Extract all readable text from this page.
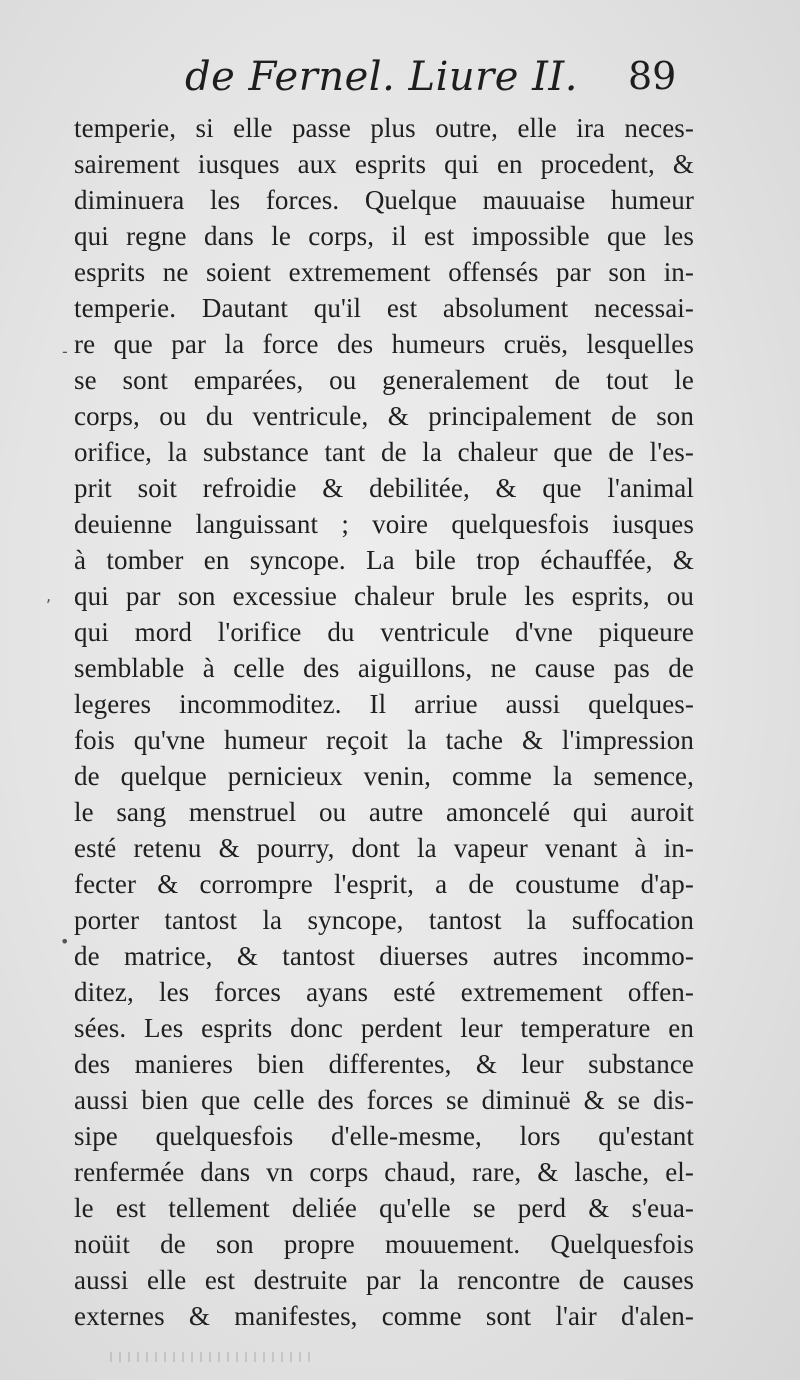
de Fernel. Liure II. 89
temperie, si elle passe plus outre, elle ira neces-
sairement iusques aux esprits qui en procedent, &
diminuera les forces. Quelque mauuaise humeur
qui regne dans le corps, il est impossible que les
esprits ne soient extremement offensés par son in-
temperie. Dautant qu'il est absolument necessai-
re que par la force des humeurs cruës, lesquelles
se sont emparées, ou generalement de tout le
corps, ou du ventricule, & principalement de son
orifice, la substance tant de la chaleur que de l'es-
prit soit refroidie & debilitée, & que l'animal
deuienne languissant ; voire quelquesfois iusques
à tomber en syncope. La bile trop échauffée, &
qui par son excessiue chaleur brule les esprits, ou
qui mord l'orifice du ventricule d'vne piqueure
semblable à celle des aiguillons, ne cause pas de
legeres incommoditez. Il arriue aussi quelques-
fois qu'vne humeur reçoit la tache & l'impression
de quelque pernicieux venin, comme la semence,
le sang menstruel ou autre amoncelé qui auroit
esté retenu & pourry, dont la vapeur venant à in-
fecter & corrompre l'esprit, a de coustume d'ap-
porter tantost la syncope, tantost la suffocation
de matrice, & tantost diuerses autres incommo-
ditez, les forces ayans esté extremement offen-
sées. Les esprits donc perdent leur temperature en
des manieres bien differentes, & leur substance
aussi bien que celle des forces se diminuë & se dis-
sipe quelquesfois d'elle-mesme, lors qu'estant
renfermée dans vn corps chaud, rare, & lasche, el-
le est tellement deliée qu'elle se perd & s'eua-
noüit de son propre mouuement. Quelquesfois
aussi elle est destruite par la rencontre de causes
externes & manifestes, comme sont l'air d'alen-
-
,
•
